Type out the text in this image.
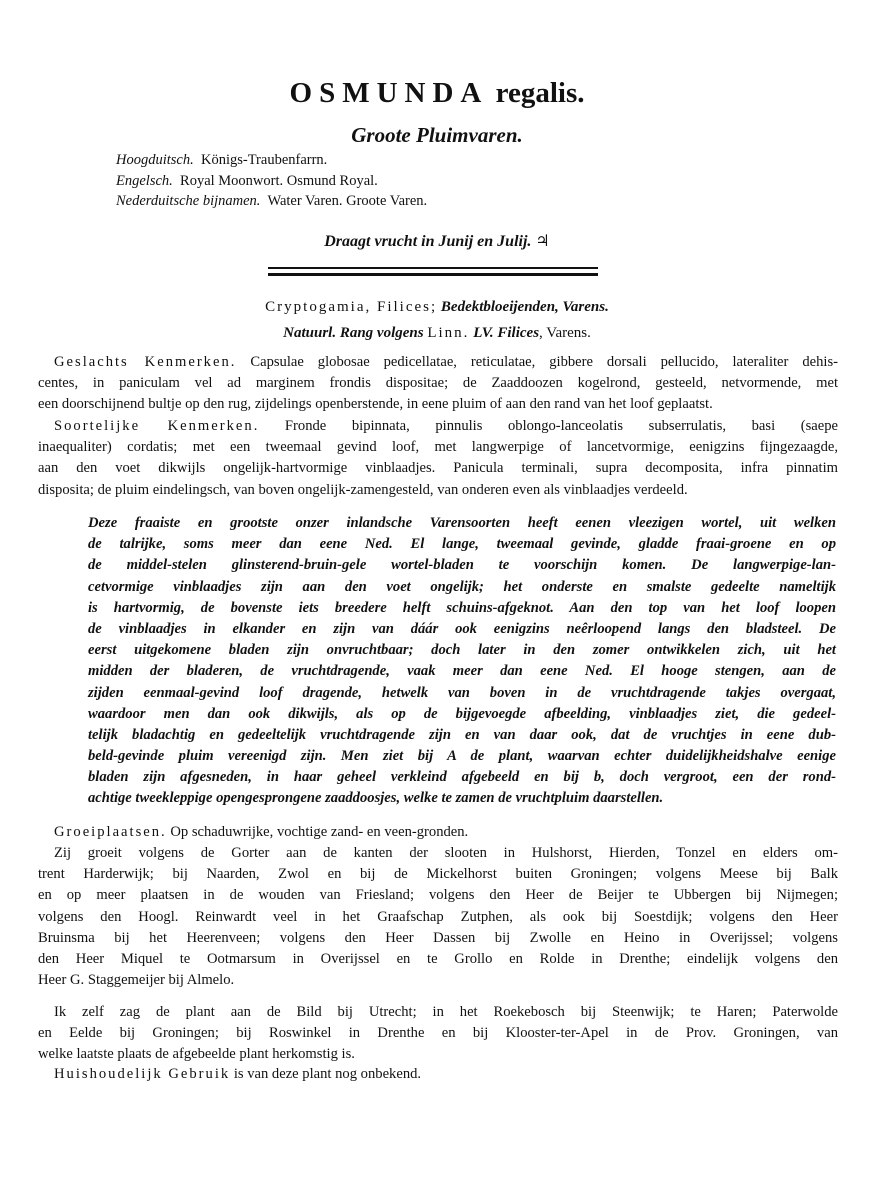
OSMUNDA regalis.
Groote Pluimvaren.
Hoogduitsch. Königs-Traubenfarrn.
Engelsch. Royal Moonwort. Osmund Royal.
Nederduitsche bijnamen. Water Varen. Groote Varen.
Draagt vrucht in Junij en Julij. ♃
Cryptogamia, Filices; Bedektbloeijenden, Varens.
Natuurl. Rang volgens Linn. LV. Filices, Varens.
Geslachts Kenmerken. Capsulae globosae pedicellatae, reticulatae, gibbere dorsali pellucido, lateraliter dehis-
centes, in paniculam vel ad marginem frondis dispositae; de Zaaddoozen kogelrond, gesteeld, netvormende, met
een doorschijnend bultje op den rug, zijdelings openberstende, in eene pluim of aan den rand van het loof geplaatst.
Soortelijke Kenmerken. Fronde bipinnata, pinnulis oblongo-lanceolatis subserrulatis, basi (saepe
inaequaliter) cordatis; met een tweemaal gevind loof, met langwerpige of lancetvormige, eenigzins fijngezaagde,
aan den voet dikwijls ongelijk-hartvormige vinblaadjes. Panicula terminali, supra decomposita, infra pinnatim
disposita; de pluim eindelingsch, van boven ongelijk-zamengesteld, van onderen even als vinblaadjes verdeeld.
Deze fraaiste en grootste onzer inlandsche Varensoorten heeft eenen vleezigen wortel, uit welken
de talrijke, soms meer dan eene Ned. El lange, tweemaal gevinde, gladde fraai-groene en op
de middel-stelen glinsterend-bruin-gele wortel-bladen te voorschijn komen. De langwerpige-lan-
cetvormige vinblaadjes zijn aan den voet ongelijk; het onderste en smalste gedeelte nameltijk
is hartvormig, de bovenste iets breedere helft schuins-afgeknot. Aan den top van het loof loopen
de vinblaadjes in elkander en zijn van dáár ook eenigzins neêrloopend langs den bladsteel. De
eerst uitgekomene bladen zijn onvruchtbaar; doch later in den zomer ontwikkelen zich, uit het
midden der bladeren, de vruchtdragende, vaak meer dan eene Ned. El hooge stengen, aan de
zijden eenmaal-gevind loof dragende, hetwelk van boven in de vruchtdragende takjes overgaat,
waardoor men dan ook dikwijls, als op de bijgevoegde afbeelding, vinblaadjes ziet, die gedeel-
telijk bladachtig en gedeeltelijk vruchtdragende zijn en van daar ook, dat de vruchtjes in eene dub-
beld-gevinde pluim vereenigd zijn. Men ziet bij A de plant, waarvan echter duidelijkheidshalve eenige
bladen zijn afgesneden, in haar geheel verkleind afgebeeld en bij b, doch vergroot, een der rond-
achtige tweekleppige opengesprongene zaaddoosjes, welke te zamen de vruchtpluim daarstellen.
Groeiplaatsen. Op schaduwrijke, vochtige zand- en veen-gronden.
Zij groeit volgens de Gorter aan de kanten der slooten in Hulshorst, Hierden, Tonzel en elders om-
trent Harderwijk; bij Naarden, Zwol en bij de Mickelhorst buiten Groningen; volgens Meese bij Balk
en op meer plaatsen in de wouden van Friesland; volgens den Heer de Beijer te Ubbergen bij Nijmegen;
volgens den Hoogl. Reinwardt veel in het Graafschap Zutphen, als ook bij Soestdijk; volgens den Heer
Bruinsma bij het Heerenveen; volgens den Heer Dassen bij Zwolle en Heino in Overijssel; volgens
den Heer Miquel te Ootmarsum in Overijssel en te Grollo en Rolde in Drenthe; eindelijk volgens den
Heer G. Staggemeijer bij Almelo.
Ik zelf zag de plant aan de Bild bij Utrecht; in het Roekebosch bij Steenwijk; te Haren; Paterwolde
en Eelde bij Groningen; bij Roswinkel in Drenthe en bij Klooster-ter-Apel in de Prov. Groningen, van
welke laatste plaats de afgebeelde plant herkomstig is.
Huishoudelijk Gebruik is van deze plant nog onbekend.
